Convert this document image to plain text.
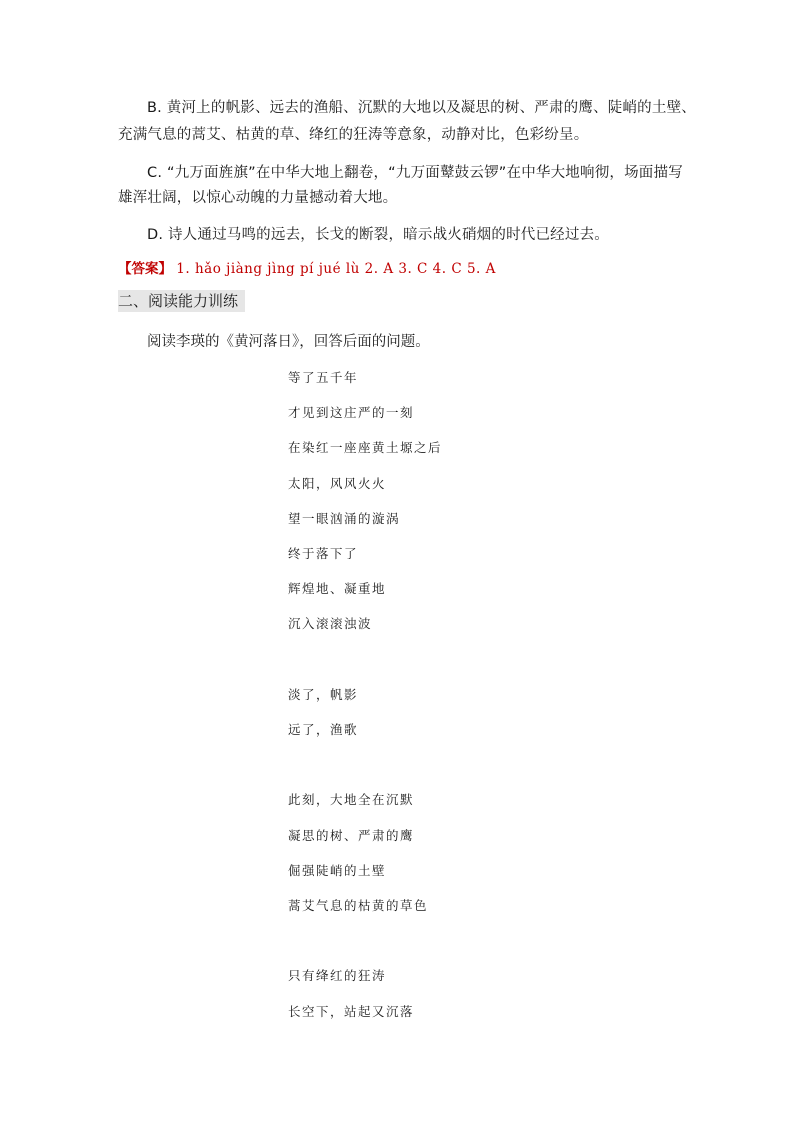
B. 黄河上的帆影、远去的渔船、沉默的大地以及凝思的树、严肃的鹰、陡峭的土壁、
充满气息的蒿艾、枯黄的草、绛红的狂涛等意象，动静对比，色彩纷呈。
C. “九万面旌旗”在中华大地上翻卷，“九万面鼙鼓云锣”在中华大地响彻，场面描写
雄浑壮阔，以惊心动魄的力量撼动着大地。
D. 诗人通过马鸣的远去，长戈的断裂，暗示战火硝烟的时代已经过去。
【答案】 1. hǎo jiàng jìng pí jué lù 2. A 3. C 4. C 5. A
二、阅读能力训练
阅读李瑛的《黄河落日》，回答后面的问题。
等了五千年
才见到这庄严的一刻
在染红一座座黄土塬之后
太阳，风风火火
望一眼汹涌的漩涡
终于落下了
辉煌地、凝重地
沉入滚滚浊波
淡了，帆影
远了，渔歌
此刻，大地全在沉默
凝思的树、严肃的鹰
倔强陡峭的土壁
蒿艾气息的枯黄的草色
只有绛红的狂涛
长空下，站起又沉落
